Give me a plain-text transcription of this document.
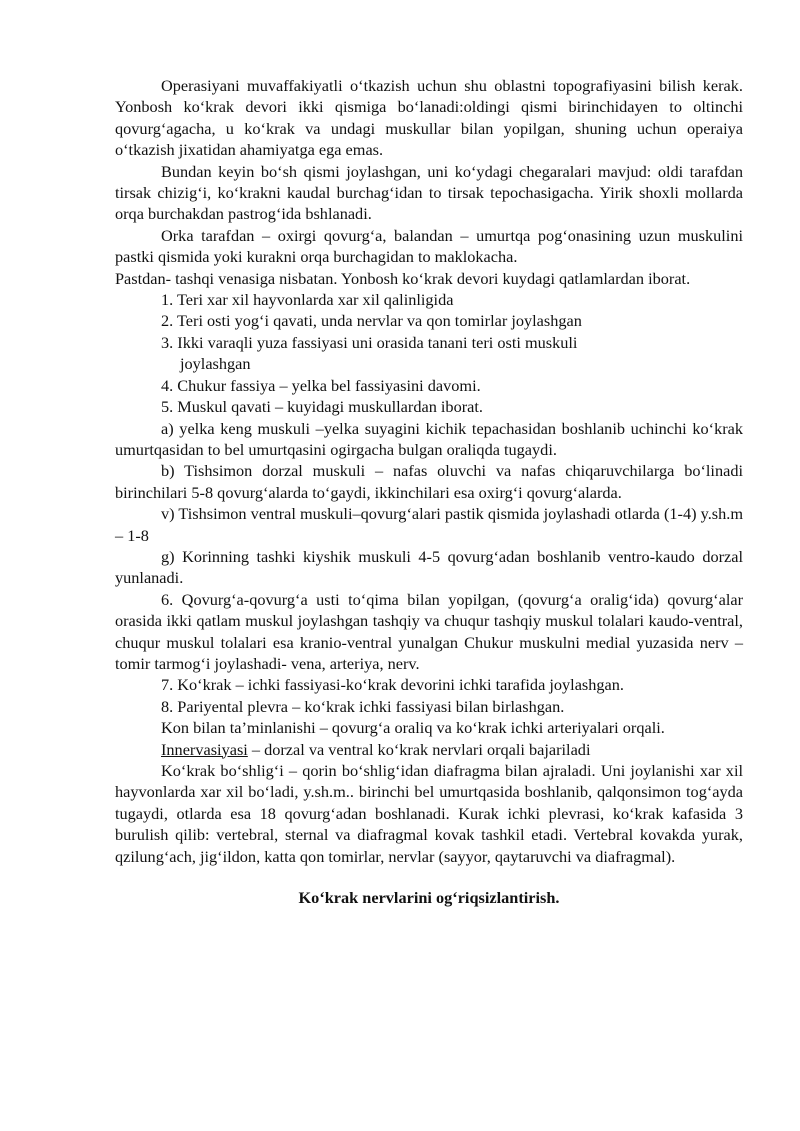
Operasiyani muvaffakiyatli o‘tkazish uchun shu oblastni topografiyasini bilish kerak. Yonbosh ko‘krak devori ikki qismiga bo‘lanadi:oldingi qismi birinchidayen to oltinchi qovurg‘agacha, u ko‘krak va undagi muskullar bilan yopilgan, shuning uchun operaiya o‘tkazish jixatidan ahamiyatga ega emas.

Bundan keyin bo‘sh qismi joylashgan, uni ko‘ydagi chegaralari mavjud: oldi tarafdan tirsak chizig‘i, ko‘krakni kaudal burchag‘idan to tirsak tepochasigacha. Yirik shoxli mollarda orqa burchakdan pastrog‘ida bshlanadi.

Orka tarafdan – oxirgi qovurg‘a, balandan – umurtqa pog‘onasining uzun muskulini pastki qismida yoki kurakni orqa burchagidan to maklokacha.

Pastdan- tashqi venasiga nisbatan. Yonbosh ko‘krak devori kuydagi qatlamlardan iborat.

1. Teri xar xil hayvonlarda xar xil qalinligida

2. Teri osti yog‘i qavati, unda nervlar va qon tomirlar joylashgan

3. Ikki varaqli yuza fassiyasi uni orasida tanani teri osti muskuli joylashgan

4. Chukur fassiya – yelka bel fassiyasini davomi.

5. Muskul qavati – kuyidagi muskullardan iborat.

a) yelka keng muskuli –yelka suyagini kichik tepachasidan boshlanib uchinchi ko‘krak umurtqasidan to bel umurtqasini ogirgacha bulgan oraliqda tugaydi.

b) Tishsimon dorzal muskuli – nafas oluvchi va nafas chiqaruvchilarga bo‘linadi birinchilari 5-8 qovurg‘alarda to‘gaydi, ikkinchilari esa oxirg‘i qovurg‘alarda.

v) Tishsimon ventral muskuli–qovurg‘alari pastik qismida joylashadi otlarda (1-4) y.sh.m – 1-8

g) Korinning tashki kiyshik muskuli 4-5 qovurg‘adan boshlanib ventro-kaudo dorzal yunlanadi.

6. Qovurg‘a-qovurg‘a usti to‘qima bilan yopilgan, (qovurg‘a oralig‘ida) qovurg‘alar orasida ikki qatlam muskul joylashgan tashqiy va chuqur tashqiy muskul tolalari kaudo-ventral, chuqur muskul tolalari esa kranio-ventral yunalgan Chukur muskulni medial yuzasida nerv – tomir tarmog‘i joylashadi- vena, arteriya, nerv.

7. Ko‘krak – ichki fassiyasi-ko‘krak devorini ichki tarafida joylashgan.

8. Pariyental plevra – ko‘krak ichki fassiyasi bilan birlashgan.

Kon bilan ta’minlanishi – qovurg‘a oraliq va ko‘krak ichki arteriyalari orqali.

Innervasiyasi – dorzal va ventral ko‘krak nervlari orqali bajariladi

Ko‘krak bo‘shlig‘i – qorin bo‘shlig‘idan diafragma bilan ajraladi. Uni joylanishi xar xil hayvonlarda xar xil bo‘ladi, y.sh.m.. birinchi bel umurtqasida boshlanib, qalqonsimon tog‘ayda tugaydi, otlarda esa 18 qovurg‘adan boshlanadi. Kurak ichki plevrasi, ko‘krak kafasida 3 burulish qilib: vertebral, sternal va diafragmal kovak tashkil etadi. Vertebral kovakda yurak, qzilung‘ach, jig‘ildon, katta qon tomirlar, nervlar (sayyor, qaytaruvchi va diafragmal).

Ko‘krak nervlarini og‘riqsizlantirish.
